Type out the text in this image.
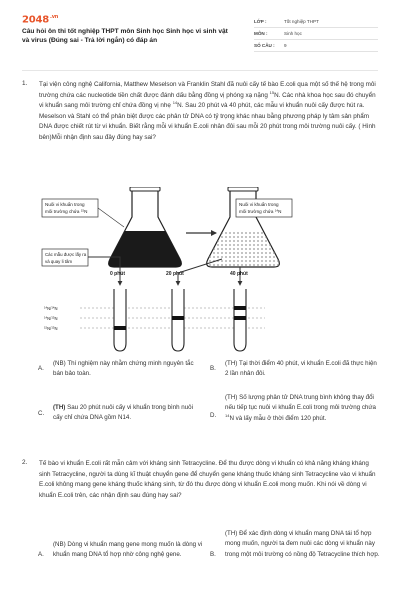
$2048^{.vn}$
Câu hỏi ôn thi tốt nghiệp THPT môn Sinh học Sinh học vi sinh vật và virus (Đúng sai - Trả lời ngắn) có đáp án
LỚP :	Tốt nghiệp THPT
MÔN :	Sinh học
SỐ CÂU :	9
1. Tại viện công nghệ California, Matthew Meselson và Franklin Stahl đã nuôi cấy tế bào E.coli qua một số thế hệ trong môi trường chứa các nucleotide tiền chất được đánh dấu bằng đồng vị phóng xạ nặng $^{15}$N. Các nhà khoa học sau đó chuyển vi khuẩn sang môi trường chỉ chứa đồng vị nhẹ $^{14}$N. Sau 20 phút và 40 phút, các mẫu vi khuẩn nuôi cấy được hút ra. Meselson và Stahl có thể phân biệt được các phân tử DNA có tỷ trọng khác nhau bằng phương pháp ly tâm sản phẩm DNA được chiết rút từ vi khuẩn. Biết rằng mỗi vi khuẩn E.coli nhân đôi sau mỗi 20 phút trong môi trường nuôi cấy. ( Hình bên)Mỗi nhận định sau đây đúng hay sai?
Nuôi vi khuẩn trong
môi trường chứa $^{15}$N
Nuôi vi khuẩn trong
môi trường chứa $^{14}$N
Các mẫu được lấy ra
và quay li tâm
0 phút	20 phút	40 phút
$^{14}$N/$^{14}$N
$^{14}$N/$^{15}$N
$^{15}$N/$^{15}$N
A.
(NB) Thí nghiệm này nhằm chứng minh nguyên tắc bán bảo toàn.
B.
(TH) Tại thời điểm 40 phút, vi khuẩn E.coli đã thực hiện 2 lần nhân đôi.
C.
(TH) Sau 20 phút nuôi cấy vi khuẩn trong bình nuôi cấy chỉ chứa DNA gồm N14.	D.
(TH) Số lượng phân tử DNA trung bình không thay đổi nếu tiếp tục nuôi vi khuẩn E.coli trong môi trường chứa $^{14}$N và lấy mẫu ở thời điểm 120 phút.
2. Tế bào vi khuẩn E.coli rất mẫn cảm với kháng sinh Tetracycline. Để thu được dòng vi khuẩn có khả năng kháng kháng sinh Tetracycline, người ta dùng kĩ thuật chuyển gene để chuyển gene kháng thuốc kháng sinh Tetracycline vào vi khuẩn E.coli không mang gene kháng thuốc kháng sinh, từ đó thu được dòng vi khuẩn E.coli mong muốn. Khi nói về dòng vi khuẩn E.coli trên, các nhận định sau đúng hay sai?
A.
(NB) Dòng vi khuẩn mang gene mong muốn là dòng vi khuẩn mang DNA tổ hợp nhờ công nghệ gene.	B.
(TH) Để xác định dòng vi khuẩn mang DNA tái tổ hợp mong muốn, người ta đem nuôi các dòng vi khuẩn này trong một môi trường có nồng độ Tetracycline thích hợp.
